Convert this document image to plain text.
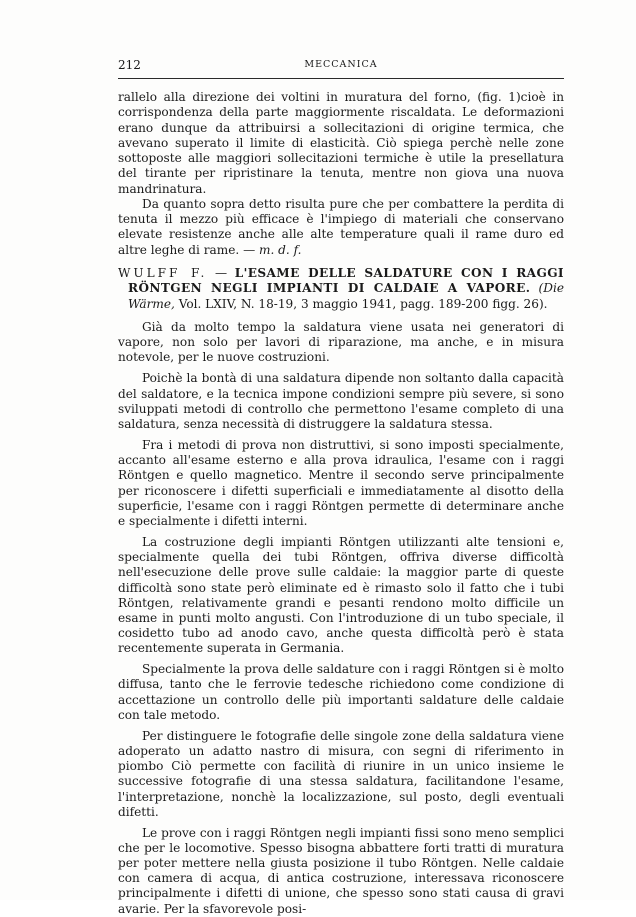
212	MECCANICA

rallelo alla direzione dei voltini in muratura del forno, (fig. 1)cioè in corrispondenza della parte maggiormente riscaldata. Le deformazioni erano dunque da attribuirsi a sollecitazioni di origine termica, che avevano superato il limite di elasticità. Ciò spiega perchè nelle zone sottoposte alle maggiori sollecitazioni termiche è utile la presellatura del tirante per ripristinare la tenuta, mentre non giova una nuova mandrinatura.

Da quanto sopra detto risulta pure che per combattere la perdita di tenuta il mezzo più efficace è l'impiego di materiali che conservano elevate resistenze anche alle alte temperature quali il rame duro ed altre leghe di rame. — m. d. f.

WULFF F. — L'ESAME DELLE SALDATURE CON I RAGGI RÖNTGEN NEGLI IMPIANTI DI CALDAIE A VAPORE. (Die Wärme, Vol. LXIV, N. 18-19, 3 maggio 1941, pagg. 189-200 figg. 26).

Già da molto tempo la saldatura viene usata nei generatori di vapore, non solo per lavori di riparazione, ma anche, e in misura notevole, per le nuove costruzioni.

Poichè la bontà di una saldatura dipende non soltanto dalla capacità del saldatore, e la tecnica impone condizioni sempre più severe, si sono sviluppati metodi di controllo che permettono l'esame completo di una saldatura, senza necessità di distruggere la saldatura stessa.

Fra i metodi di prova non distruttivi, si sono imposti specialmente, accanto all'esame esterno e alla prova idraulica, l'esame con i raggi Röntgen e quello magnetico. Mentre il secondo serve principalmente per riconoscere i difetti superficiali e immediatamente al disotto della superficie, l'esame con i raggi Röntgen permette di determinare anche e specialmente i difetti interni.

La costruzione degli impianti Röntgen utilizzanti alte tensioni e, specialmente quella dei tubi Röntgen, offriva diverse difficoltà nell'esecuzione delle prove sulle caldaie: la maggior parte di queste difficoltà sono state però eliminate ed è rimasto solo il fatto che i tubi Röntgen, relativamente grandi e pesanti rendono molto difficile un esame in punti molto angusti. Con l'introduzione di un tubo speciale, il cosidetto tubo ad anodo cavo, anche questa difficoltà però è stata recentemente superata in Germania.

Specialmente la prova delle saldature con i raggi Röntgen si è molto diffusa, tanto che le ferrovie tedesche richiedono come condizione di accettazione un controllo delle più importanti saldature delle caldaie con tale metodo.

Per distinguere le fotografie delle singole zone della saldatura viene adoperato un adatto nastro di misura, con segni di riferimento in piombo Ciò permette con facilità di riunire in un unico insieme le successive fotografie di una stessa saldatura, facilitandone l'esame, l'interpretazione, nonchè la localizzazione, sul posto, degli eventuali difetti.

Le prove con i raggi Röntgen negli impianti fissi sono meno semplici che per le locomotive. Spesso bisogna abbattere forti tratti di muratura per poter mettere nella giusta posizione il tubo Röntgen. Nelle caldaie con camera di acqua, di antica costruzione, interessava riconoscere principalmente i difetti di unione, che spesso sono stati causa di gravi avarie. Per la sfavorevole posi-
